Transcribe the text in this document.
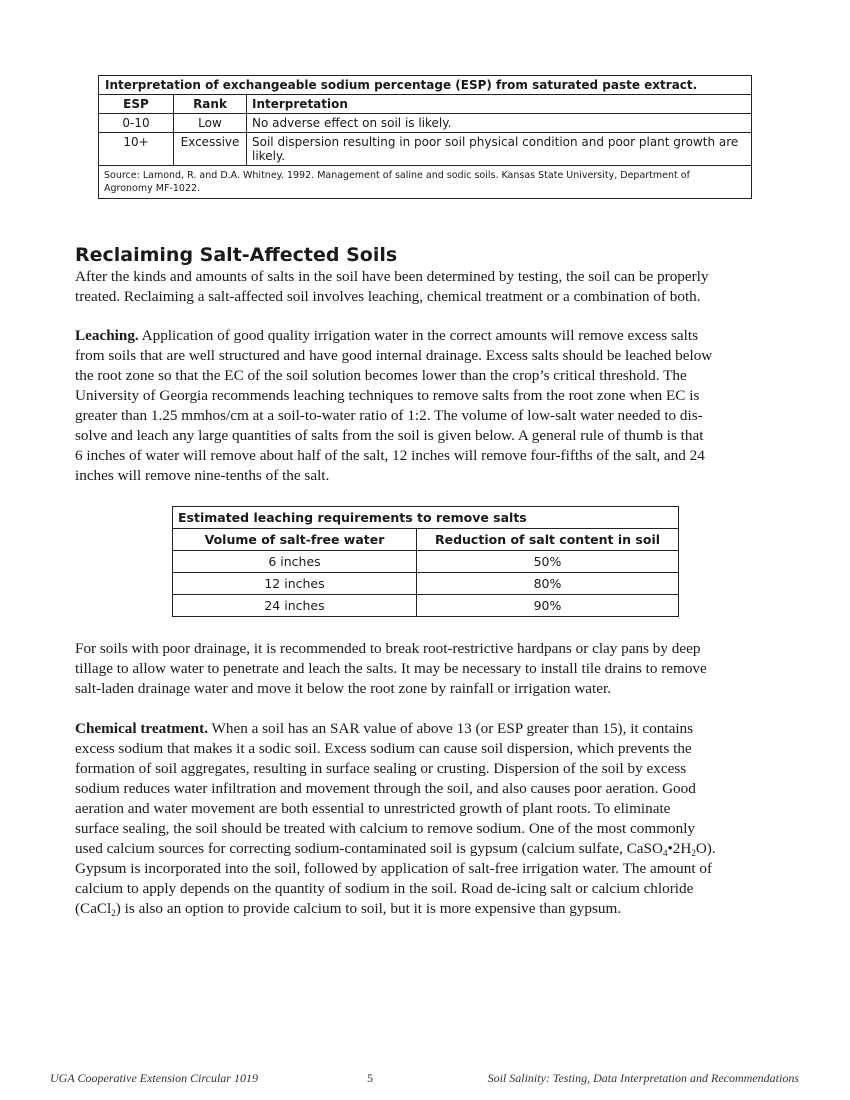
Interpretation of exchangeable sodium percentage (ESP) from saturated paste extract.		
ESP	Rank	Interpretation
0-10	Low	No adverse effect on soil is likely.
10+	Excessive	Soil dispersion resulting in poor soil physical condition and poor plant growth are likely.
Source: Lamond, R. and D.A. Whitney. 1992. Management of saline and sodic soils. Kansas State University, Department of
Agronomy MF-1022.		
Reclaiming Salt-Affected Soils

After the kinds and amounts of salts in the soil have been determined by testing, the soil can be properly
treated. Reclaiming a salt-affected soil involves leaching, chemical treatment or a combination of both.

Leaching. Application of good quality irrigation water in the correct amounts will remove excess salts
from soils that are well structured and have good internal drainage. Excess salts should be leached below
the root zone so that the EC of the soil solution becomes lower than the crop’s critical threshold. The
University of Georgia recommends leaching techniques to remove salts from the root zone when EC is
greater than 1.25 mmhos/cm at a soil-to-water ratio of 1:2. The volume of low-salt water needed to dis-
solve and leach any large quantities of salts from the soil is given below. A general rule of thumb is that
6 inches of water will remove about half of the salt, 12 inches will remove four-fifths of the salt, and 24
inches will remove nine-tenths of the salt.

Estimated leaching requirements to remove salts	
Volume of salt-free water	Reduction of salt content in soil
6 inches	50%
12 inches	80%
24 inches	90%

For soils with poor drainage, it is recommended to break root-restrictive hardpans or clay pans by deep
tillage to allow water to penetrate and leach the salts. It may be necessary to install tile drains to remove
salt-laden drainage water and move it below the root zone by rainfall or irrigation water.

Chemical treatment. When a soil has an SAR value of above 13 (or ESP greater than 15), it contains
excess sodium that makes it a sodic soil. Excess sodium can cause soil dispersion, which prevents the
formation of soil aggregates, resulting in surface sealing or crusting. Dispersion of the soil by excess
sodium reduces water infiltration and movement through the soil, and also causes poor aeration. Good
aeration and water movement are both essential to unrestricted growth of plant roots. To eliminate
surface sealing, the soil should be treated with calcium to remove sodium. One of the most commonly
used calcium sources for correcting sodium-contaminated soil is gypsum (calcium sulfate, $CaSO_4•2H_2O$).
Gypsum is incorporated into the soil, followed by application of salt-free irrigation water. The amount of
calcium to apply depends on the quantity of sodium in the soil. Road de-icing salt or calcium chloride
(CaCl$_2$) is also an option to provide calcium to soil, but it is more expensive than gypsum.

UGA Cooperative Extension Circular 1019	5	Soil Salinity: Testing, Data Interpretation and Recommendations
